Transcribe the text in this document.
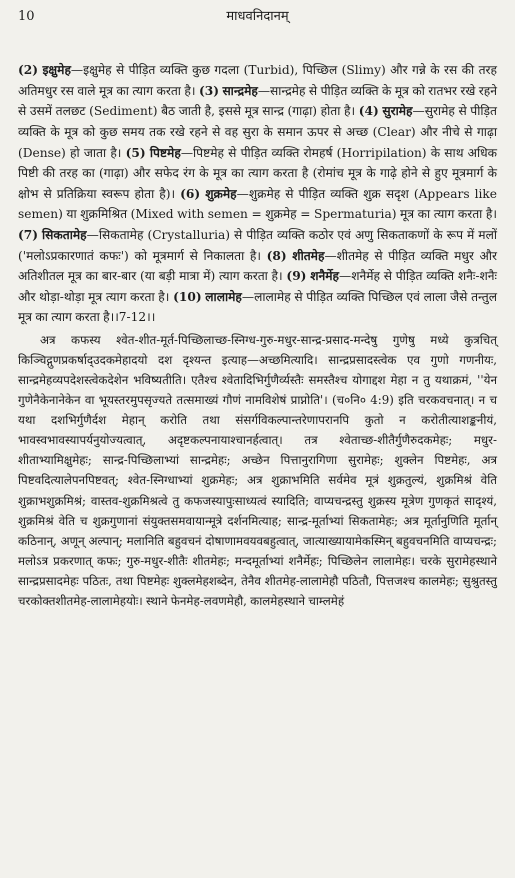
10	माधवनिदानम्

(2) इक्षुमेह—इक्षुमेह से पीड़ित व्यक्ति कुछ गदला (Turbid), पिच्छिल (Slimy) और गन्ने के रस की तरह अतिमधुर रस वाले मूत्र का त्याग करता है। (3) सान्द्रमेह—सान्द्रमेह से पीड़ित व्यक्ति के मूत्र को रातभर रखे रहने से उसमें तलछट (Sediment) बैठ जाती है, इससे मूत्र सान्द्र (गाढ़ा) होता है। (4) सुरामेह—सुरामेह से पीड़ित व्यक्ति के मूत्र को कुछ समय तक रखे रहने से वह सुरा के समान ऊपर से अच्छ (Clear) और नीचे से गाढ़ा (Dense) हो जाता है। (5) पिष्टमेह—पिष्टमेह से पीड़ित व्यक्ति रोमहर्ष (Horripilation) के साथ अधिक पिष्टी की तरह का (गाढ़ा) और सफेद रंग के मूत्र का त्याग करता है (रोमांच मूत्र के गाढ़े होने से हुए मूत्रमार्ग के क्षोभ से प्रतिक्रिया स्वरूप होता है)। (6) शुक्रमेह—शुक्रमेह से पीड़ित व्यक्ति शुक्र सदृश (Appears like semen) या शुक्रमिश्रित (Mixed with semen = शुक्रमेह = Spermaturia) मूत्र का त्याग करता है। (7) सिकतामेह—सिकतामेह (Crystalluria) से पीड़ित व्यक्ति कठोर एवं अणु सिकताकणों के रूप में मलों ('मलोऽप्रकारणातं कफः') को मूत्रमार्ग से निकालता है। (8) शीतमेह—शीतमेह से पीड़ित व्यक्ति मधुर और अतिशीतल मूत्र का बार-बार (या बड़ी मात्रा में) त्याग करता है। (9) शनैर्मेह—शनैर्मेह से पीड़ित व्यक्ति शनैः-शनैः और थोड़ा-थोड़ा मूत्र त्याग करता है। (10) लालामेह—लालामेह से पीड़ित व्यक्ति पिच्छिल एवं लाला जैसे तन्तुल मूत्र का त्याग करता है।।7-12।।

अत्र कफस्य श्वेत-शीत-मूर्त-पिच्छिलाच्छ-स्निग्ध-गुरु-मधुर-सान्द्र-प्रसाद-मन्देषु गुणेषु मध्ये कुत्रचित् किञ्चिद्गुणप्रकर्षाद्उदकमेहादयो दश दृश्यन्त इत्याह—अच्छमित्यादि। सान्द्रप्रसादस्त्वेक एव गुणो गणनीयः, सान्द्रमेहव्यपदेशस्त्वेकदेशेन भविष्यतीति। एतैश्च श्वेतादिभिर्गुणैर्व्यस्तैः समस्तैश्च योगाद्दश मेहा न तु यथाक्रमं, ''येन गुणेनैकेनानेकेन वा भूयस्तरमुपसृज्यते तत्समाख्यं गौणं नामविशेषं प्राप्नोति'। (च०नि० 4:9) इति चरकवचनात्। न च यथा दशभिर्गुणैर्दश मेहान् करोति तथा संसर्गविकल्पान्तरेणापरानपि कुतो न करोतीत्याशङ्कनीयं, भावस्वभावस्यापर्यनुयोज्यत्वात्, अदृष्टकल्पनायाश्चानर्हत्वात्। तत्र श्वेताच्छ-शीतैर्गुणैरुदकमेहः; मधुर-शीताभ्यामिक्षुमेहः; सान्द्र-पिच्छिलाभ्यां सान्द्रमेहः; अच्छेन पित्तानुरागिणा सुरामेहः; शुक्लेन पिष्टमेहः, अत्र पिष्टवदित्यालेपनपिष्टवत्; श्वेत-स्निग्धाभ्यां शुक्रमेहः; अत्र शुक्राभमिति सर्वमेव मूत्रं शुक्रतुल्यं, शुक्रमिश्रं वेति शुक्राभशुक्रमिश्रं; वास्तव-शुक्रमिश्रत्वे तु कफजस्यापुःसाध्यत्वं स्यादिति; वाप्यचन्द्रस्तु शुक्रस्य मूत्रेण गुणकृतं सादृश्यं, शुक्रमिश्रं वेति च शुक्रगुणानां संयुक्तसमवायान्मूत्रे दर्शनमित्याह; सान्द्र-मूर्ताभ्यां सिकतामेहः; अत्र मूर्तानुणिति मूर्तान् कठिनान्, अणून् अल्पान्; मलानिति बहुवचनं दोषाणामवयवबहुत्वात्, जात्याख्यायामेकस्मिन् बहुवचनमिति वाप्यचन्द्रः; मलोऽत्र प्रकरणात् कफः; गुरु-मधुर-शीतैः शीतमेहः; मन्दमूर्ताभ्यां शनैर्मेहः; पिच्छिलेन लालामेहः। चरके सुरामेहस्थाने सान्द्रप्रसादमेहः पठितः, तथा पिष्टमेहः शुक्लमेहशब्देन, तेनैव शीतमेह-लालामेहौ पठितौ, पित्तजश्च कालमेहः; सुश्रुतस्तु चरकोक्तशीतमेह-लालामेहयोः। स्थाने फेनमेह-लवणमेहौ, कालमेहस्थाने चाम्लमेहं
